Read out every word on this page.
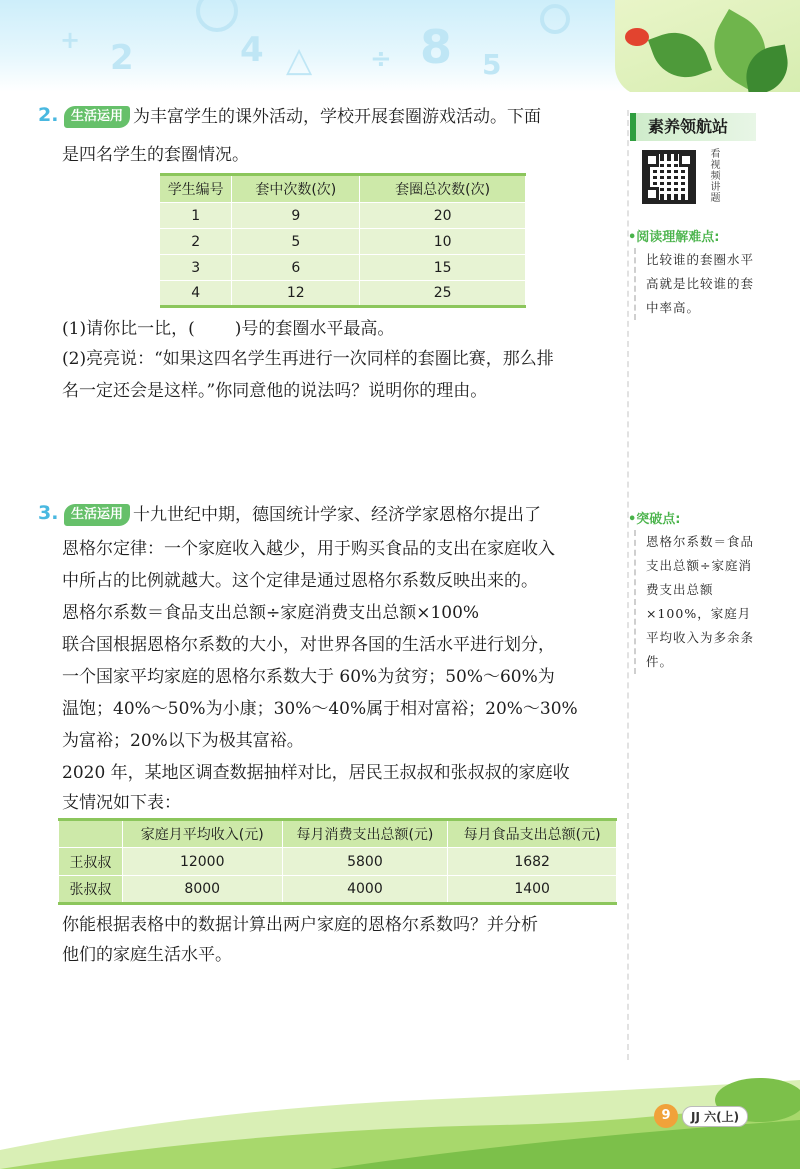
2
+	4 △ ÷ 8 5
素养领航站
看视频讲题
•阅读理解难点:
比较谁的套圈水平高就是比较谁的套中率高。
•突破点:
恩格尔系数＝食品支出总额÷家庭消费支出总额×100%，家庭月平均收入为多余条件。
2. 生活运用 为丰富学生的课外活动，学校开展套圈游戏活动。下面
是四名学生的套圈情况。
学生编号	套中次数(次)	套圈总次数(次)
1	9	20
2	5	10
3	6	15
4	12	25
(1)请你比一比，( )号的套圈水平最高。
(2)亮亮说：“如果这四名学生再进行一次同样的套圈比赛，那么排
名一定还会是这样。”你同意他的说法吗？说明你的理由。
3. 生活运用 十九世纪中期，德国统计学家、经济学家恩格尔提出了
恩格尔定律：一个家庭收入越少，用于购买食品的支出在家庭收入
中所占的比例就越大。这个定律是通过恩格尔系数反映出来的。
恩格尔系数＝食品支出总额÷家庭消费支出总额×100%
联合国根据恩格尔系数的大小，对世界各国的生活水平进行划分，
一个国家平均家庭的恩格尔系数大于 60%为贫穷；50%～60%为
温饱；40%～50%为小康；30%～40%属于相对富裕；20%～30%
为富裕；20%以下为极其富裕。
2020 年，某地区调查数据抽样对比，居民王叔叔和张叔叔的家庭收
支情况如下表：
	家庭月平均收入(元)	每月消费支出总额(元)	每月食品支出总额(元)
王叔叔	12000	5800	1682
张叔叔	8000	4000	1400
你能根据表格中的数据计算出两户家庭的恩格尔系数吗？并分析
他们的家庭生活水平。
9	JJ 六(上)
